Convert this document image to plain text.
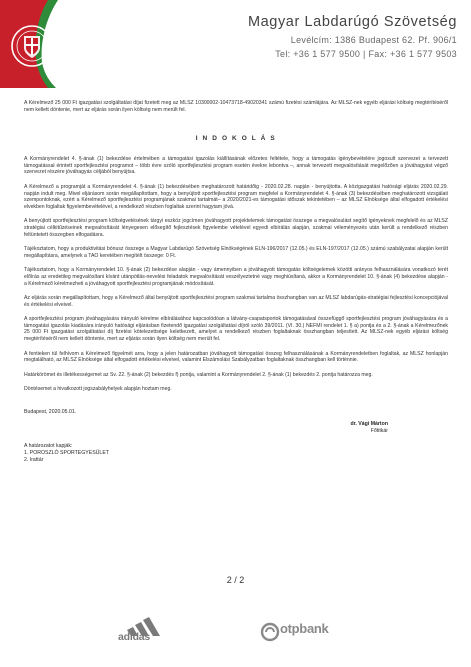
Magyar Labdarúgó Szövetség
Levélcím: 1386 Budapest 62. Pf. 906/1
Tel: +36 1 577 9500 | Fax: +36 1 577 9503

A Kérelmező 25 000 Ft igazgatási szolgáltatási díjat fizetett meg az MLSZ 10300002-10473718-49020341 számú fizetési számlájára. Az MLSZ-nek egyéb eljárási költség megtérítéséről nem kellett döntenie, mert az eljárás során ilyen költség nem merült fel.

I N D O K O L Á S

A Kormányrendelet 4. §-ának (1) bekezdése értelmében a támogatási igazolás kiállításának előzetes feltétele, hogy a támogatás igénybevételére jogosult szervezet a tervezett támogatással érintett sportfejlesztési programot – több évre szóló sportfejlesztési program esetén évekre lebontva –, annak tervezett megvalósítását megelőzően a jóváhagyást végző szervezet részére jóváhagyás céljából benyújtsa.

A Kérelmező a programját a Kormányrendelet 4. §-ának (1) bekezdésében meghatározott határidőig - 2020.02.28. napján - benyújtotta. A közigazgatási hatósági eljárás 2020.02.29. napján indult meg. Mivel eljárásom során megállapítottam, hogy a benyújtott sportfejlesztési program megfelel a Kormányrendelet 4. §-ának (3) bekezdésében meghatározott vizsgálati szempontoknak, ezért a Kérelmező sportfejlesztési programjának szakmai tartalmát– a 2020/2021-es támogatási időszak tekintetében – az MLSZ Elnöksége által elfogadott értékelési elvekben foglaltak figyelembevételével, a rendelkező részben foglaltak szerint hagytam jóvá.

A benyújtott sportfejlesztési program költségvetésének tárgyi eszköz jogcímen jóváhagyott projektelemek támogatási összege a megvalósulást segítő igényeknek megfelelő és az MLSZ stratégiai célkitűzéseinek megvalósítását lényegesen elősegítő fejlesztések figyelembe vételével egyedi elbírálás alapján, szakmai véleményezés után került a rendelkező részben feltüntetett összegben elfogadásra.

Tájékoztatom, hogy a produktivitási bónusz összege a Magyar Labdarúgó Szövetség Elnökségének ELN-196/2017 (12.05.) és ELN-197/2017 (12.05.) számú szabályzatai alapján került megállapításra, amelynek a TAO keretében megítélt összege: 0 Ft.

Tájékoztatom, hogy a Kormányrendelet 10. §-ának (2) bekezdése alapján - vagy ámennyiben a jóváhagyott támogatás költségelemek közötti arányos felhasználására vonatkozó terét előírás az eredetileg megvalósítani kívánt utánpótlás-nevelési feladatok megvalósítását veszélyeztetné vagy meghiúsítaná, akkor a Kormányrendelet 10. §-ának (4) bekezdése alapján - a Kérelmező kérelmezheti a jóváhagyott sportfejlesztési programjának módosítását.

Az eljárás során megállapítottam, hogy a Kérelmező által benyújtott sportfejlesztési program szakmai tartalma összhangban van az MLSZ labdarúgás-stratégiai fejlesztési koncepciójával és értékelési elveivel.

A sportfejlesztési program jóváhagyására irányuló kérelme elbírálásához kapcsolódóan a látvány-csapatsportok támogatásával összefüggő sportfejlesztési program jóváhagyására és a támogatási igazolás kiadására irányuló hatósági eljárásban fizetendő igazgatási szolgáltatási díjról szóló 39/2011. (VI. 30.) NEFMI rendelet 1. § a) pontja és a 2. §-ának a Kérelmezőnek 25 000 Ft igazgatási szolgáltatási díj fizetési kötelezettsége keletkezett, amelyet a rendelkező részben foglaltaknak összhangban teljesített. Az MLSZ-nek egyéb eljárási költség megtérítéséről nem kellett döntenie, mert az eljárás során ilyen költség nem merült fel.

A fentieken túl felhívom a Kérelmező figyelmét arra, hogy a jelen határozatban jóváhagyott támogatási összeg felhasználásának a Kormányrendeletben foglaltak, az MLSZ honlapján megtalálható, az MLSZ Elnöksége által elfogadott értékelési elveivel, valamint Elszámolási Szabályzatban foglaltaknak összhangban kell történnie.

Határkörömet és illetékességemet az Sv. 22. §-ának (2) bekezdés f) pontja, valamint a Kormányrendelet 2. §-ának (1) bekezdés 2. pontja határozza meg.

Döntésemet a hivatkozott jogszabályhelyek alapján hoztam meg.

Budapest, 2020.05.01.
dr. Vági Márton
Főtitkár
A határozatot kapják:
1. POROSZLÓ SPORTEGYESÜLET
2. Irattár
2 / 2
adidas
otpbank
